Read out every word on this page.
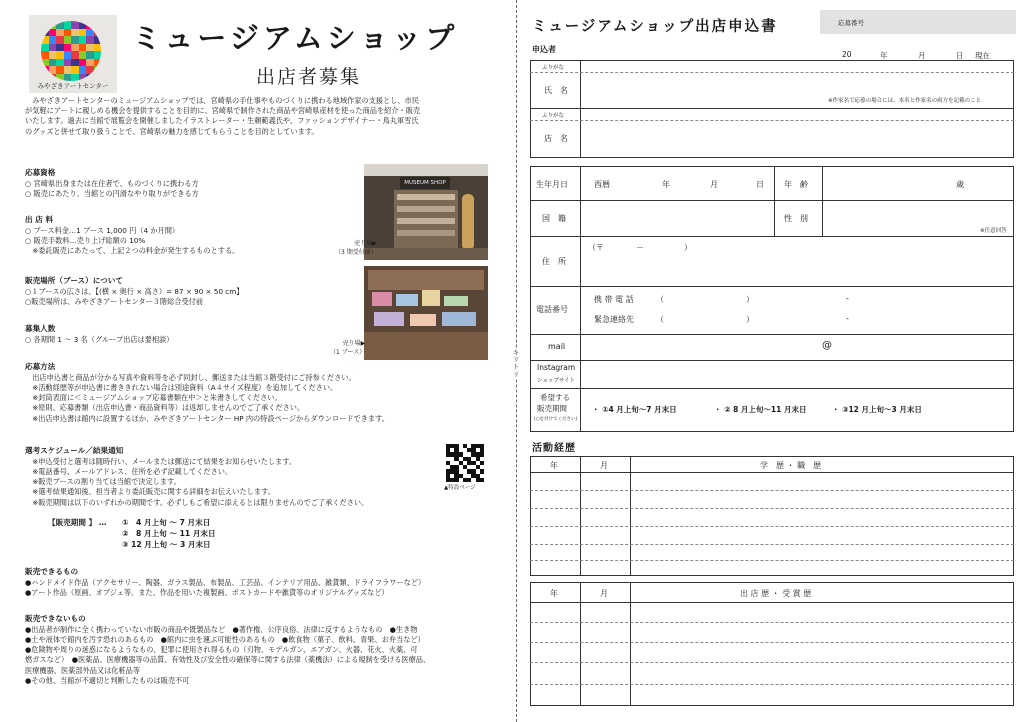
みやざきアートセンター
ミュージアムショップ
出店者募集
　みやざきアートセンターのミュージアムショップでは、宮崎県の手仕事やものづくりに携わる地域作家の支援とし、市民
が気軽にアートに親しめる機会を提供することを目的に、宮崎県で制作された商品や宮崎県産材を使った商品を紹介・販売
いたします。過去に当館で展覧会を開催しましたイラストレーター・生頼範義氏や、ファッションデザイナー・鳥丸軍雪氏
のグッズと併せて取り扱うことで、宮崎県の魅力を感じてもらうことを目的としています。
応募資格
○ 宮崎県出身または在住者で、ものづくりに携わる方
○ 販売にあたり、当館との円滑なやり取りができる方
出 店 料
○ ブース料金…1 ブース 1,000 円（4 か月間）
○ 販売手数料…売り上げ総額の 10%
　※委託販売にあたって、上記２つの料金が発生するものとする。
販売場所（ブース）について
○１ブースの広さは、【(横 × 奥行 × 高さ）= 87 × 90 × 50 cm】
○販売場所は、みやざきアートセンター３階総合受付前
募集人数
○ 各期間 1 ～ 3 名（グループ出店は要相談）
MUSEUM SHOP
売り場▶
（3 期受付前）
売り場▶
（1 ブース）
応募方法
　出店申込書と商品が分かる写真や資料等を必ず同封し、郵送または当館３階受付にご持参ください。
　※活動経歴等が申込書に書ききれない場合は別途資料（A４サイズ程度）を追加してください。
　※封筒表面に＜ミュージアムショップ応募書類在中＞と朱書きしてください。
　※原則、応募書類（出店申込書・商品資料等）は返却しませんのでご了承ください。
　※出店申込書は館内に設置するほか、みやざきアートセンター HP 内の特設ページからダウンロードできます。
選考スケジュール／結果通知
　※申込受付と選考は随時行い、メールまたは郵送にて結果をお知らせいたします。
　※電話番号、メールアドレス、住所を必ず記載してください。
　※販売ブースの割り当ては当館で決定します。
　※選考結果通知後、担当者より委託販売に関する詳細をお伝えいたします。
　※販売期間は以下のいずれかの期間です。必ずしもご希望に添えるとは限りませんのでご了承ください。
【販売期間 】 … ①　4 月上旬 ～ 7 月末日
②　8 月上旬 ～ 11 月末日
③ 12 月上旬 ～ 3 月末日
▲特設ページ
販売できるもの
●ハンドメイド作品（アクセサリー、陶器、ガラス製品、布製品、工芸品、インテリア用品、雑貨類、ドライフラワーなど）
●アート作品（原画、オブジェ等。また、作品を用いた複製画、ポストカードや雑貨等のオリジナルグッズなど）
販売できないもの
●出品者が制作に全く携わっていない市販の商品や既製品など　●著作権、公序良俗、法律に反するようなもの　●生き物
●土や液体で館内を汚す恐れのあるもの　●館内に虫を運ぶ可能性のあるもの　●飲食物（菓子、飲料、青果、お弁当など）
●危険物や周りの迷惑になるようなもの、犯罪に使用され得るもの（刃物、モデルガン、エアガン、火器、花火、火薬、可
燃ガスなど）　●医薬品、医療機器等の品質、有効性及び安全性の確保等に関する法律（薬機法）による規制を受ける医療品、
医療機器、医薬部外品又は化粧品等
●その他、当館が不適切と判断したものは販売不可
キリトリ
ミュージアムショップ出店申込書	応募番号
申込者
20	年	月	日 現在
ふりがな
氏　名
※作家名で応募の場合には、本名と作家名の両方を記載のこと
ふりがな
店　名
生年月日	西暦	年	月	日	年　齢	歳
国　籍	性　別
※任意回答
住　所
（〒　　　　－　　　　　）
電話番号
携 帯 電 話	（	）	-
緊急連絡先	（	）	-
mail	@
Instagram
ショップサイト
希望する
販売期間
(○を付けてください)
・ ①4 月上旬～7 月末日	・ ② 8 月上旬～11 月末日	・ ③12 月上旬～3 月末日
活動経歴
年	月	学　歴 ・ 職　歴
年	月	出 店 歴 ・ 受 賞 歴
